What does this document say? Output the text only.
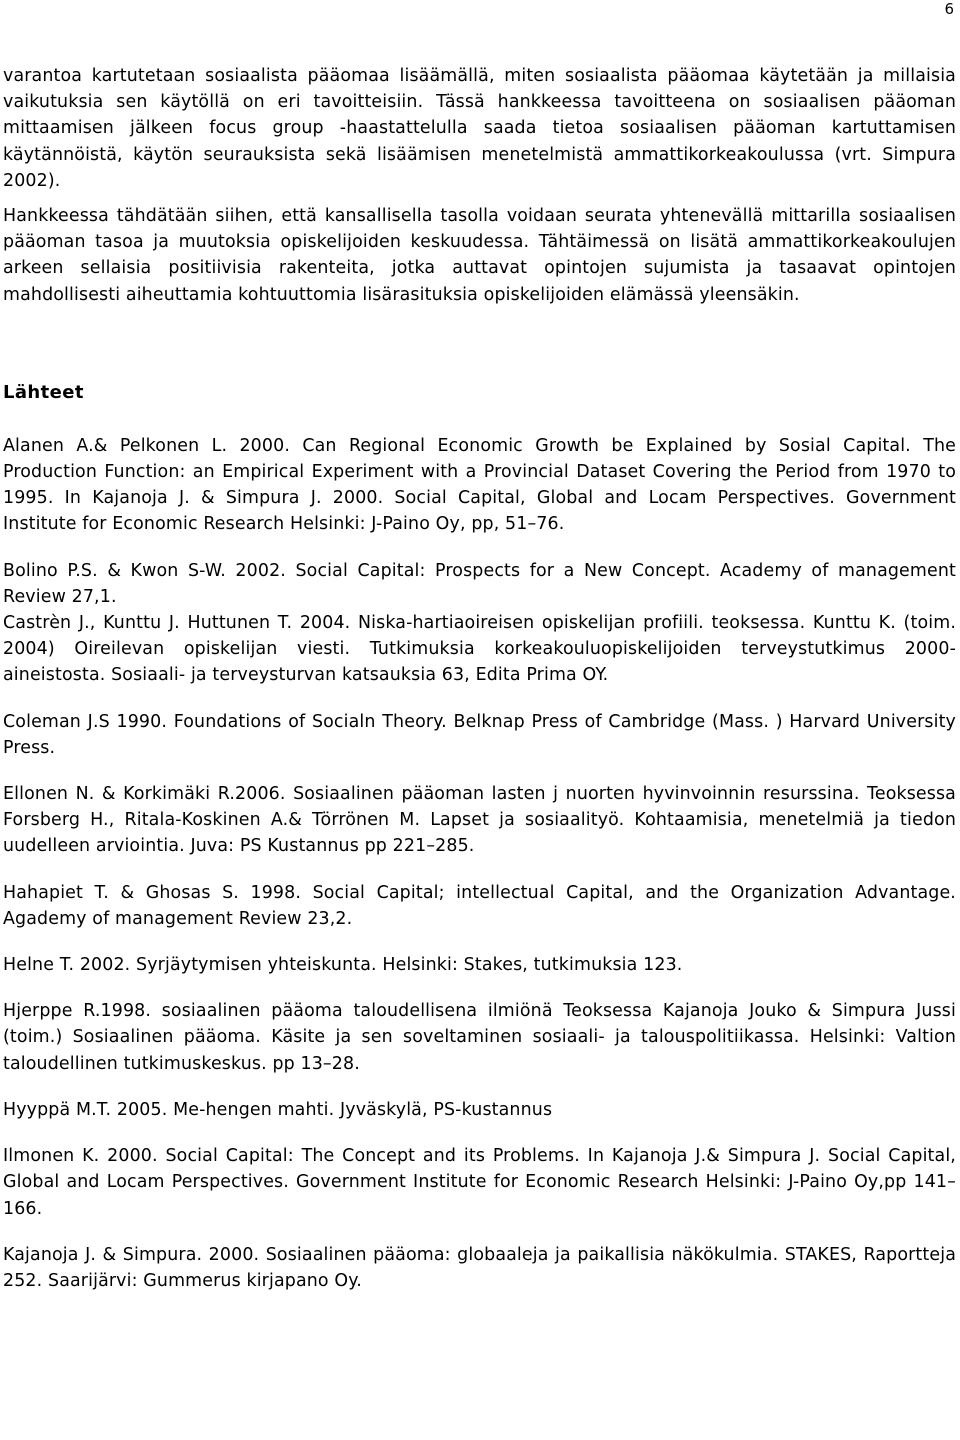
6

varantoa kartutetaan sosiaalista pääomaa lisäämällä, miten sosiaalista pääomaa käytetään ja millaisia vaikutuksia sen käytöllä on eri tavoitteisiin. Tässä hankkeessa tavoitteena on sosiaalisen pääoman mittaamisen jälkeen focus group -haastattelulla saada tietoa sosiaalisen pääoman kartuttamisen käytännöistä, käytön seurauksista sekä lisäämisen menetelmistä ammattikorkeakoulussa (vrt. Simpura 2002).

Hankkeessa tähdätään siihen, että kansallisella tasolla voidaan seurata yhtenevällä mittarilla sosiaalisen pääoman tasoa ja muutoksia opiskelijoiden keskuudessa. Tähtäimessä on lisätä ammattikorkeakoulujen arkeen sellaisia positiivisia rakenteita, jotka auttavat opintojen sujumista ja tasaavat opintojen mahdollisesti aiheuttamia kohtuuttomia lisärasituksia opiskelijoiden elämässä yleensäkin.

Lähteet

Alanen A.& Pelkonen L. 2000. Can Regional Economic Growth be Explained by Sosial Capital. The Production Function: an Empirical Experiment with a Provincial Dataset Covering the Period from 1970 to 1995. In Kajanoja J. & Simpura J. 2000. Social Capital, Global and Locam Perspectives. Government Institute for Economic Research Helsinki: J-Paino Oy, pp, 51–76.

Bolino P.S. & Kwon S-W. 2002. Social Capital: Prospects for a New Concept. Academy of management Review 27,1.

Castrèn J., Kunttu J. Huttunen T. 2004. Niska-hartiaoireisen opiskelijan profiili. teoksessa. Kunttu K. (toim. 2004) Oireilevan opiskelijan viesti. Tutkimuksia korkeakouluopiskelijoiden terveystutkimus 2000-aineistosta. Sosiaali- ja terveysturvan katsauksia 63, Edita Prima OY.

Coleman J.S 1990. Foundations of Socialn Theory. Belknap Press of Cambridge (Mass. ) Harvard University Press.

Ellonen N. & Korkimäki R.2006. Sosiaalinen pääoman lasten j nuorten hyvinvoinnin resurssina. Teoksessa Forsberg H., Ritala-Koskinen A.& Törrönen M. Lapset ja sosiaalityö. Kohtaamisia, menetelmiä ja tiedon uudelleen arviointia. Juva: PS Kustannus pp 221–285.

Hahapiet T. & Ghosas S. 1998. Social Capital; intellectual Capital, and the Organization Advantage. Agademy of management Review 23,2.

Helne T. 2002. Syrjäytymisen yhteiskunta. Helsinki: Stakes, tutkimuksia 123.

Hjerppe R.1998. sosiaalinen pääoma taloudellisena ilmiönä Teoksessa Kajanoja Jouko & Simpura Jussi (toim.) Sosiaalinen pääoma. Käsite ja sen soveltaminen sosiaali- ja talouspolitiikassa. Helsinki: Valtion taloudellinen tutkimuskeskus. pp 13–28.

Hyyppä M.T. 2005. Me-hengen mahti. Jyväskylä, PS-kustannus

Ilmonen K. 2000. Social Capital: The Concept and its Problems. In Kajanoja J.& Simpura J. Social Capital, Global and Locam Perspectives. Government Institute for Economic Research Helsinki: J-Paino Oy,pp 141–166.

Kajanoja J. & Simpura. 2000. Sosiaalinen pääoma: globaaleja ja paikallisia näkökulmia. STAKES, Raportteja 252. Saarijärvi: Gummerus kirjapano Oy.
